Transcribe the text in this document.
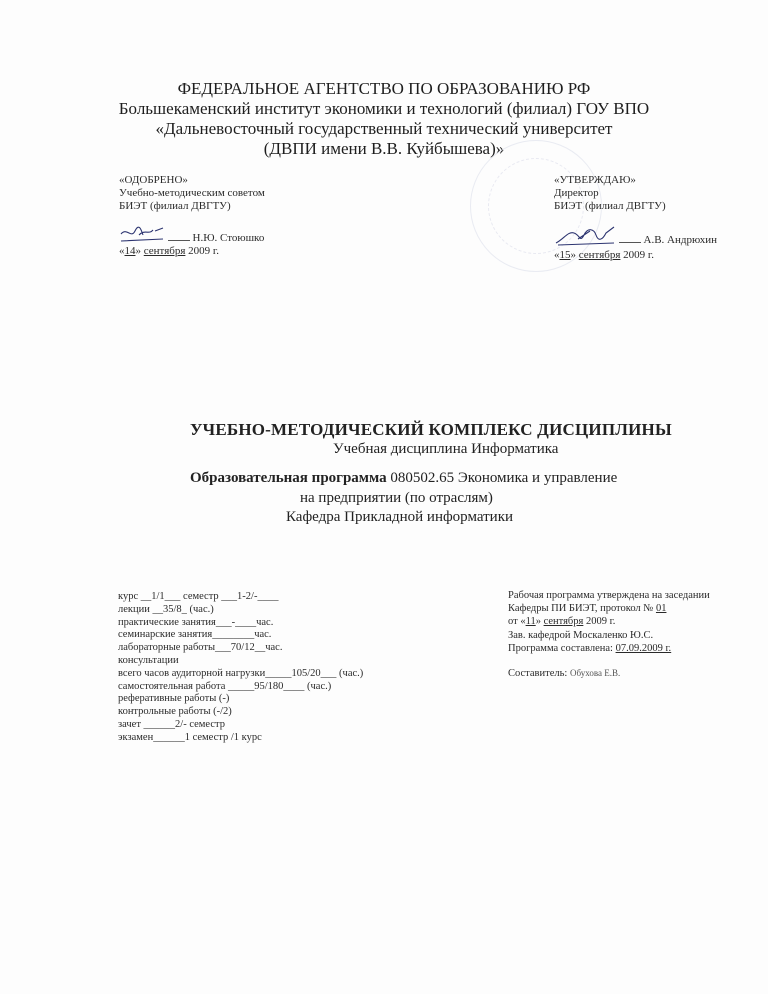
ФЕДЕРАЛЬНОЕ АГЕНТСТВО ПО ОБРАЗОВАНИЮ РФ
Большекаменский институт экономики и технологий (филиал) ГОУ ВПО
«Дальневосточный государственный технический университет
(ДВПИ имени В.В. Куйбышева)»
«ОДОБРЕНО»
Учебно-методическим советом
БИЭТ (филиал ДВГТУ)
Н.Ю. Стоюшко
«14» сентября 2009 г.
«УТВЕРЖДАЮ»
Директор
БИЭТ (филиал ДВГТУ)
А.В. Андрюхин
«15» сентября 2009 г.
УЧЕБНО-МЕТОДИЧЕСКИЙ КОМПЛЕКС ДИСЦИПЛИНЫ
Учебная дисциплина Информатика
Образовательная программа 080502.65 Экономика и управление
на предприятии (по отраслям)
Кафедра Прикладной информатики
курс __1/1___ семестр ___1-2/-____
лекции __35/8_ (час.)
практические занятия___-____час.
семинарские занятия________час.
лабораторные работы___70/12__час.
консультации
всего часов аудиторной нагрузки_____105/20___ (час.)
самостоятельная работа _____95/180____ (час.)
реферативные работы (-)
контрольные работы (-/2)
зачет ______2/- семестр
экзамен______1 семестр /1 курс
Рабочая программа утверждена на заседании
Кафедры ПИ БИЭТ, протокол № 01
от «11» сентября 2009 г.
Зав. кафедрой Москаленко Ю.С.
Программа составлена: 07.09.2009 г.
Составитель: Обухова Е.В.
